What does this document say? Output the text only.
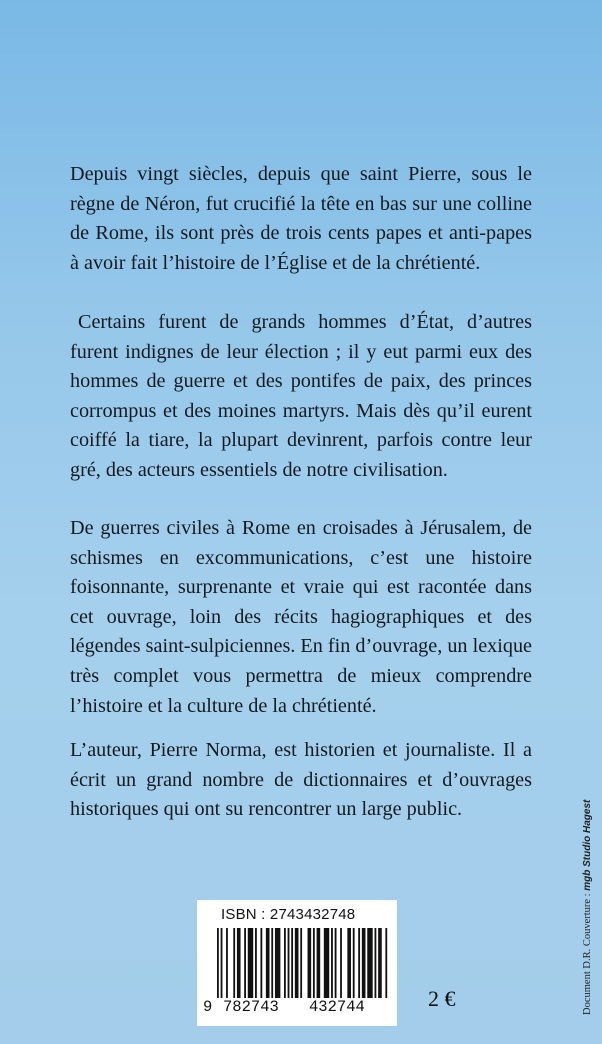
Depuis vingt siècles, depuis que saint Pierre, sous le règne de Néron, fut crucifié la tête en bas sur une colline de Rome, ils sont près de trois cents papes et anti-papes à avoir fait l’histoire de l’Église et de la chrétienté.

Certains furent de grands hommes d’État, d’autres furent indignes de leur élection ; il y eut parmi eux des hommes de guerre et des pontifes de paix, des princes corrompus et des moines martyrs. Mais dès qu’il eurent coiffé la tiare, la plupart devinrent, parfois contre leur gré, des acteurs essentiels de notre civilisation.

De guerres civiles à Rome en croisades à Jérusalem, de schismes en excommunications, c’est une histoire foisonnante, surprenante et vraie qui est racontée dans cet ouvrage, loin des récits hagiographiques et des légendes saint-sulpiciennes. En fin d’ouvrage, un lexique très complet vous permettra de mieux comprendre l’histoire et la culture de la chrétienté.

L’auteur, Pierre Norma, est historien et journaliste. Il a écrit un grand nombre de dictionnaires et d’ouvrages historiques qui ont su rencontrer un large public.

Document D.R. Couverture : mgb Studio Hagest
ISBN : 2743432748
9 782743 432744	2 €
